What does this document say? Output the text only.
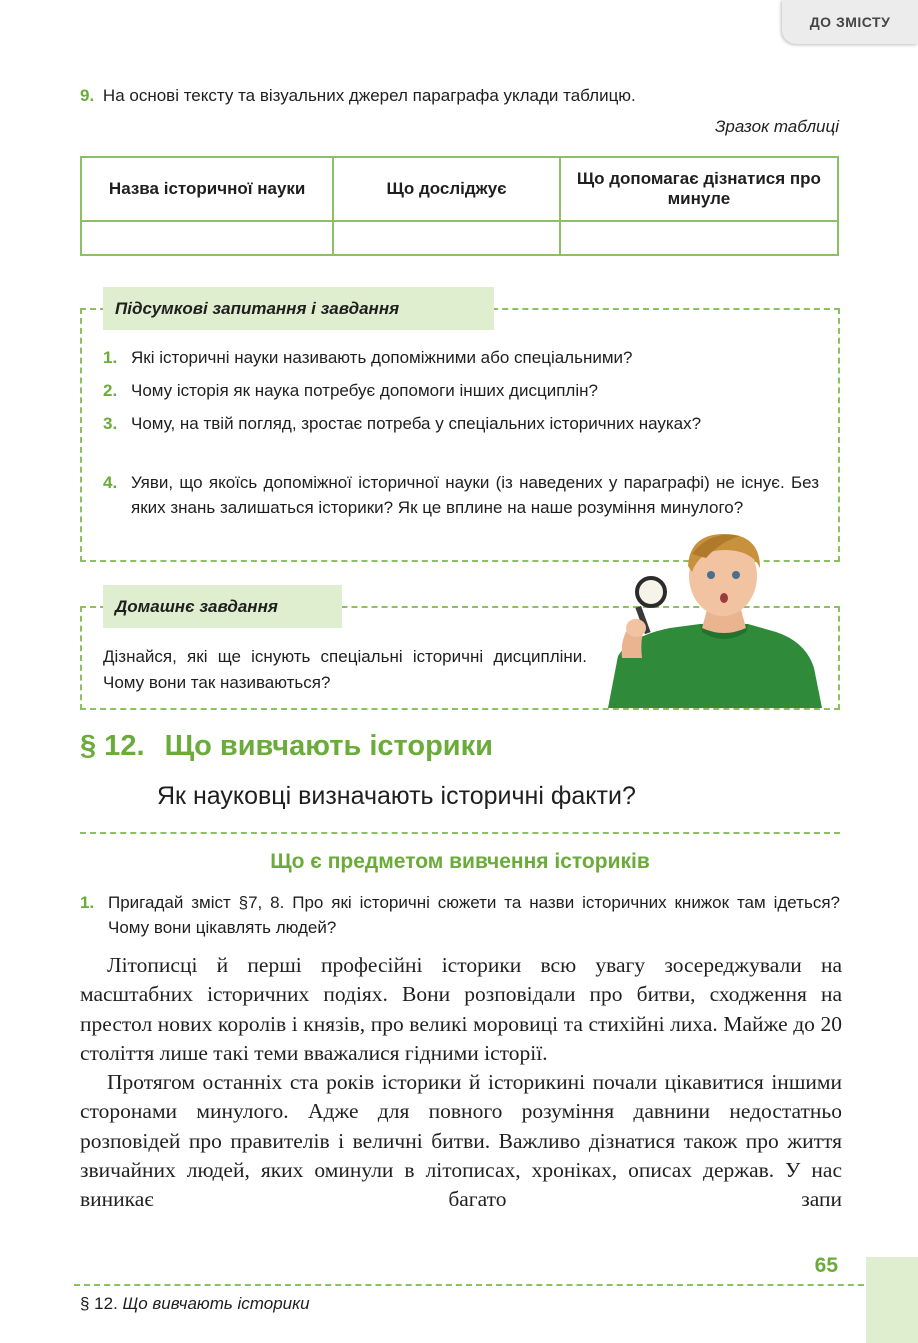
ДО ЗМІСТУ
9. На основі тексту та візуальних джерел параграфа уклади таблицю.
Зразок таблиці
Назва історичної науки	Що досліджує	Що допомагає дізнатися про минуле

Підсумкові запитання і завдання
1. Які історичні науки називають допоміжними або спеціальними?
2. Чому історія як наука потребує допомоги інших дисциплін?
3. Чому, на твій погляд, зростає потреба у спеціальних історичних науках?
4. Уяви, що якоїсь допоміжної історичної науки (із наведених у параграфі) не існує. Без яких знань залишаться історики? Як це вплине на наше розуміння минулого?
Домашнє завдання
Дізнайся, які ще існують спеціальні історичні дисципліни. Чому вони так називаються?
§ 12. Що вивчають історики
Як науковці визначають історичні факти?
Що є предметом вивчення істориків
1. Пригадай зміст §7, 8. Про які історичні сюжети та назви історичних книжок там ідеться? Чому вони цікавлять людей?

Літописці й перші професійні історики всю увагу зосереджували на масштабних історичних подіях. Вони розповідали про битви, сходження на престол нових королів і князів, про великі моровиці та стихійні лиха. Майже до 20 століття лише такі теми вважалися гідними історії.

Протягом останніх ста років історики й історикині почали цікавитися іншими сторонами минулого. Адже для повного розуміння давнини недостатньо розповідей про правителів і величні битви. Важливо дізнатися також про життя звичайних людей, яких оминули в літописах, хроніках, описах держав. У нас виникає багато запи

65
§ 12. Що вивчають історики
